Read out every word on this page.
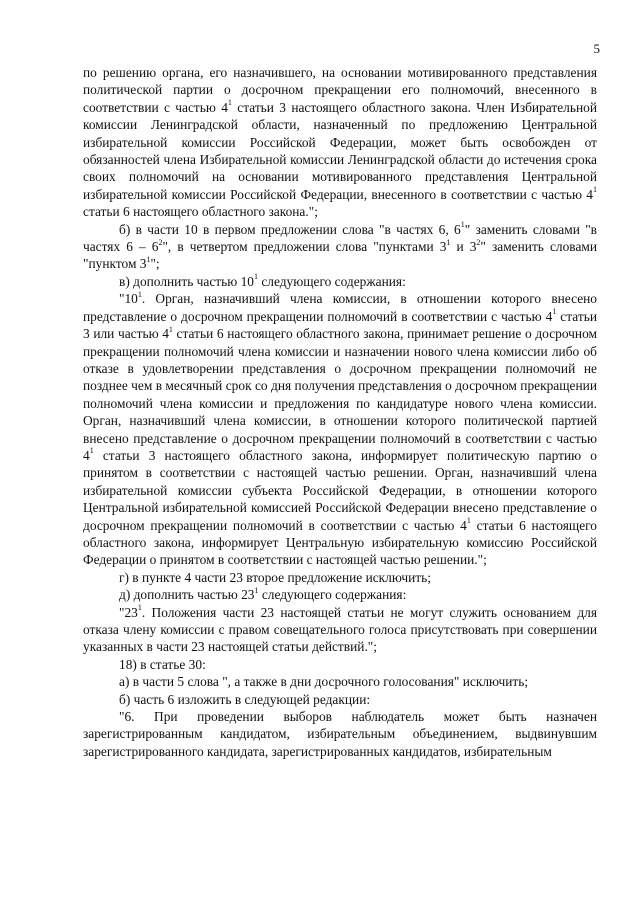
5

по решению органа, его назначившего, на основании мотивированного представления политической партии о досрочном прекращении его полномочий, внесенного в соответствии с частью $4^1$ статьи 3 настоящего областного закона. Член Избирательной комиссии Ленинградской области, назначенный по предложению Центральной избирательной комиссии Российской Федерации, может быть освобожден от обязанностей члена Избирательной комиссии Ленинградской области до истечения срока своих полномочий на основании мотивированного представления Центральной избирательной комиссии Российской Федерации, внесенного в соответствии с частью $4^1$ статьи 6 настоящего областного закона.";

б) в части 10 в первом предложении слова "в частях 6, $6^1$" заменить словами "в частях $6 - 6^2$", в четвертом предложении слова "пунктами $3^1$ и $3^2$" заменить словами "пунктом $3^1$";

в) дополнить частью $10^1$ следующего содержания:

"$10^1$. Орган, назначивший члена комиссии, в отношении которого внесено представление о досрочном прекращении полномочий в соответствии с частью $4^1$ статьи 3 или частью $4^1$ статьи 6 настоящего областного закона, принимает решение о досрочном прекращении полномочий члена комиссии и назначении нового члена комиссии либо об отказе в удовлетворении представления о досрочном прекращении полномочий не позднее чем в месячный срок со дня получения представления о досрочном прекращении полномочий члена комиссии и предложения по кандидатуре нового члена комиссии. Орган, назначивший члена комиссии, в отношении которого политической партией внесено представление о досрочном прекращении полномочий в соответствии с частью $4^1$ статьи 3 настоящего областного закона, информирует политическую партию о принятом в соответствии с настоящей частью решении. Орган, назначивший члена избирательной комиссии субъекта Российской Федерации, в отношении которого Центральной избирательной комиссией Российской Федерации внесено представление о досрочном прекращении полномочий в соответствии с частью $4^1$ статьи 6 настоящего областного закона, информирует Центральную избирательную комиссию Российской Федерации о принятом в соответствии с настоящей частью решении.";

г) в пункте 4 части 23 второе предложение исключить;

д) дополнить частью $23^1$ следующего содержания:

"$23^1$. Положения части 23 настоящей статьи не могут служить основанием для отказа члену комиссии с правом совещательного голоса присутствовать при совершении указанных в части 23 настоящей статьи действий.";

18) в статье 30:

а) в части 5 слова ", а также в дни досрочного голосования" исключить;

б) часть 6 изложить в следующей редакции:

"6. При проведении выборов наблюдатель может быть назначен зарегистрированным кандидатом, избирательным объединением, выдвинувшим зарегистрированного кандидата, зарегистрированных кандидатов, избирательным
